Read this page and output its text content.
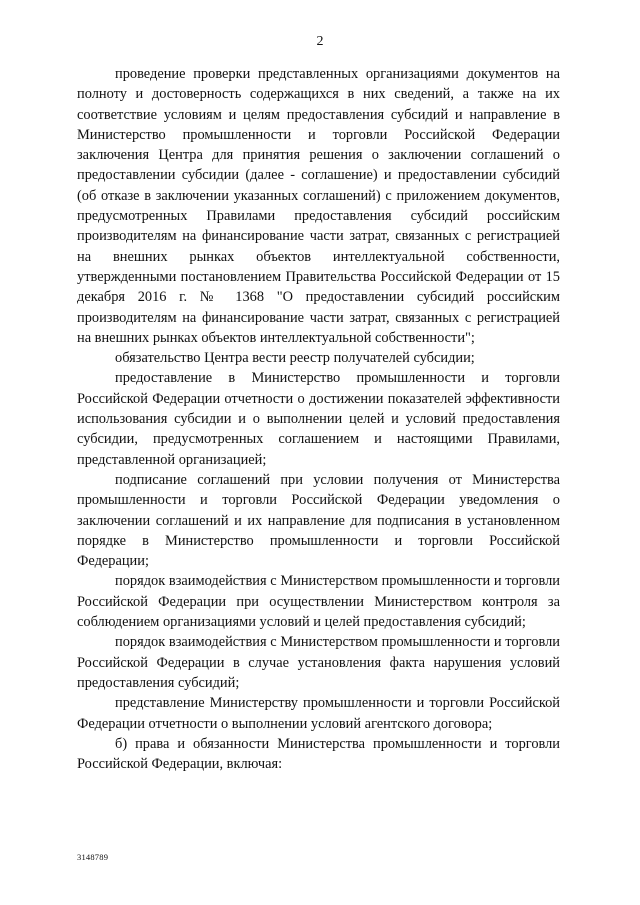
2

проведение проверки представленных организациями документов на полноту и достоверность содержащихся в них сведений, а также на их соответствие условиям и целям предоставления субсидий и направление в Министерство промышленности и торговли Российской Федерации заключения Центра для принятия решения о заключении соглашений о предоставлении субсидии (далее - соглашение) и предоставлении субсидий (об отказе в заключении указанных соглашений) с приложением документов, предусмотренных Правилами предоставления субсидий российским производителям на финансирование части затрат, связанных с регистрацией на внешних рынках объектов интеллектуальной собственности, утвержденными постановлением Правительства Российской Федерации от 15 декабря 2016 г. № 1368 "О предоставлении субсидий российским производителям на финансирование части затрат, связанных с регистрацией на внешних рынках объектов интеллектуальной собственности";

обязательство Центра вести реестр получателей субсидии;

предоставление в Министерство промышленности и торговли Российской Федерации отчетности о достижении показателей эффективности использования субсидии и о выполнении целей и условий предоставления субсидии, предусмотренных соглашением и настоящими Правилами, представленной организацией;

подписание соглашений при условии получения от Министерства промышленности и торговли Российской Федерации уведомления о заключении соглашений и их направление для подписания в установленном порядке в Министерство промышленности и торговли Российской Федерации;

порядок взаимодействия с Министерством промышленности и торговли Российской Федерации при осуществлении Министерством контроля за соблюдением организациями условий и целей предоставления субсидий;

порядок взаимодействия с Министерством промышленности и торговли Российской Федерации в случае установления факта нарушения условий предоставления субсидий;

представление Министерству промышленности и торговли Российской Федерации отчетности о выполнении условий агентского договора;

б) права и обязанности Министерства промышленности и торговли Российской Федерации, включая:

3148789
